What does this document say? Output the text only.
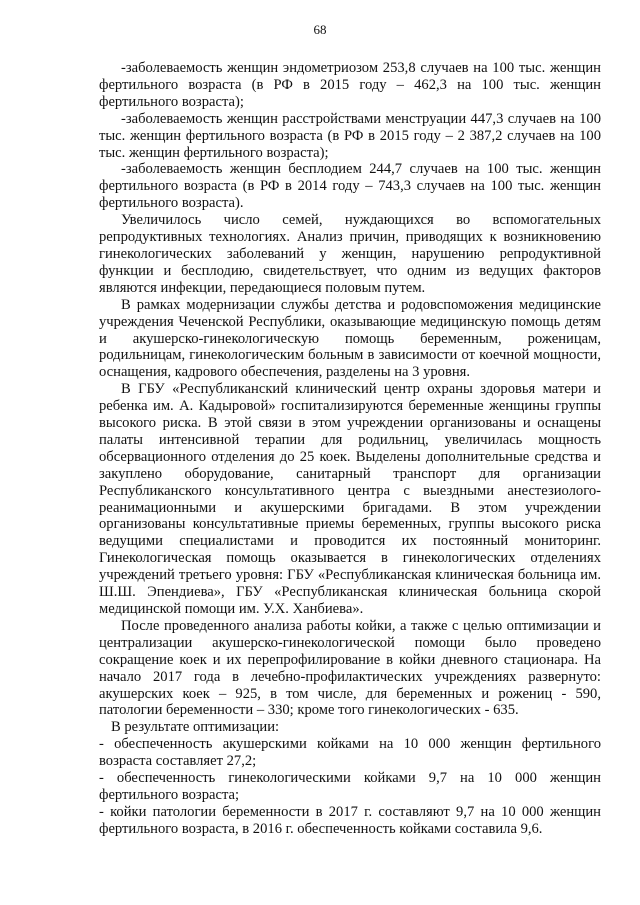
68

-заболеваемость женщин эндометриозом 253,8 случаев на 100 тыс. женщин фертильного возраста (в РФ в 2015 году – 462,3 на 100 тыс. женщин фертильного возраста);

-заболеваемость женщин расстройствами менструации 447,3 случаев на 100 тыс. женщин фертильного возраста (в РФ в 2015 году – 2 387,2 случаев на 100 тыс. женщин фертильного возраста);

-заболеваемость женщин бесплодием 244,7 случаев на 100 тыс. женщин фертильного возраста (в РФ в 2014 году – 743,3 случаев на 100 тыс. женщин фертильного возраста).

Увеличилось число семей, нуждающихся во вспомогательных репродуктивных технологиях. Анализ причин, приводящих к возникновению гинекологических заболеваний у женщин, нарушению репродуктивной функции и бесплодию, свидетельствует, что одним из ведущих факторов являются инфекции, передающиеся половым путем.

В рамках модернизации службы детства и родовспоможения медицинские учреждения Чеченской Республики, оказывающие медицинскую помощь детям и акушерско-гинекологическую помощь беременным, роженицам, родильницам, гинекологическим больным в зависимости от коечной мощности, оснащения, кадрового обеспечения, разделены на 3 уровня.

В ГБУ «Республиканский клинический центр охраны здоровья матери и ребенка им. А. Кадыровой» госпитализируются беременные женщины группы высокого риска. В этой связи в этом учреждении организованы и оснащены палаты интенсивной терапии для родильниц, увеличилась мощность обсервационного отделения до 25 коек. Выделены дополнительные средства и закуплено оборудование, санитарный транспорт для организации Республиканского консультативного центра с выездными анестезиолого-реанимационными и акушерскими бригадами. В этом учреждении организованы консультативные приемы беременных, группы высокого риска ведущими специалистами и проводится их постоянный мониторинг. Гинекологическая помощь оказывается в гинекологических отделениях учреждений третьего уровня: ГБУ «Республиканская клиническая больница им. Ш.Ш. Эпендиева», ГБУ «Республиканская клиническая больница скорой медицинской помощи им. У.Х. Ханбиева».

После проведенного анализа работы койки, а также с целью оптимизации и централизации акушерско-гинекологической помощи было проведено сокращение коек и их перепрофилирование в койки дневного стационара. На начало 2017 года в лечебно-профилактических учреждениях развернуто: акушерских коек – 925, в том числе, для беременных и рожениц - 590, патологии беременности – 330; кроме того гинекологических - 635.

В результате оптимизации:

- обеспеченность акушерскими койками на 10 000 женщин фертильного возраста составляет 27,2;

- обеспеченность гинекологическими койками 9,7 на 10 000 женщин фертильного возраста;

- койки патологии беременности в 2017 г. составляют 9,7 на 10 000 женщин фертильного возраста, в 2016 г. обеспеченность койками составила 9,6.
